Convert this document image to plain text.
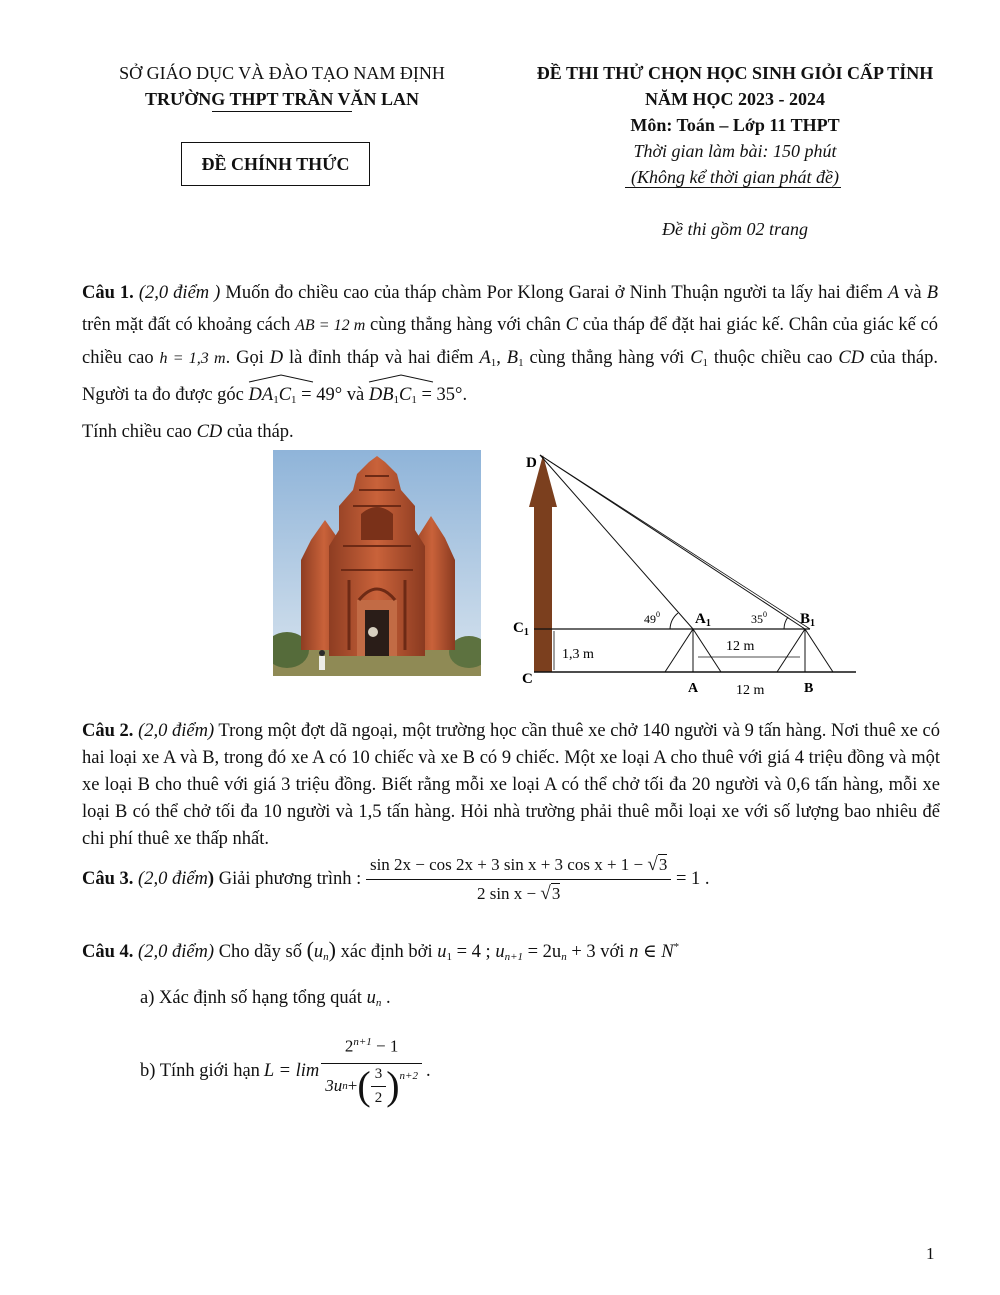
SỞ GIÁO DỤC VÀ ĐÀO TẠO NAM ĐỊNH
TRƯỜNG THPT TRẦN VĂN LAN
ĐỀ CHÍNH THỨC
ĐỀ THI THỬ CHỌN HỌC SINH GIỎI CẤP TỈNH
NĂM HỌC 2023 - 2024
Môn: Toán – Lớp 11 THPT
Thời gian làm bài: 150 phút
(Không kể thời gian phát đề)
Đề thi gồm 02 trang
Câu 1. (2,0 điểm ) Muốn đo chiều cao của tháp chàm Por Klong Garai ở Ninh Thuận người ta lấy hai điểm A và B trên mặt đất có khoảng cách AB = 12 m cùng thẳng hàng với chân C của tháp để đặt hai giác kế. Chân của giác kế có chiều cao h = 1,3 m. Gọi D là đỉnh tháp và hai điểm $A_1$, $B_1$ cùng thẳng hàng với $C_1$ thuộc chiều cao CD của tháp. Người ta đo được góc
$DA_1C_1 = 49^\circ$ và
$DB_1C_1 = 35^\circ$.
Tính chiều cao CD của tháp.
D
$C_1$
C
A	B
$A_1$	$B_1$
$49^0$	$35^0$
1,3 m
12 m
12 m
Câu 2. (2,0 điểm) Trong một đợt dã ngoại, một trường học cần thuê xe chở 140 người và 9 tấn hàng. Nơi thuê xe có hai loại xe A và B, trong đó xe A có 10 chiếc và xe B có 9 chiếc. Một xe loại A cho thuê với giá 4 triệu đồng và một xe loại B cho thuê với giá 3 triệu đồng. Biết rằng mỗi xe loại A có thể chở tối đa 20 người và 0,6 tấn hàng, mỗi xe loại B có thể chở tối đa 10 người và 1,5 tấn hàng. Hỏi nhà trường phải thuê mỗi loại xe với số lượng bao nhiêu để chi phí thuê xe thấp nhất.
Câu 3. (2,0 điểm) Giải phương trình : $\frac{\text{sin 2x − cos 2x + 3 sin x + 3 cos x + 1 − √3}}{\text{2 sin x − √3}} = 1$ .
Câu 4. (2,0 điểm) Cho dãy số $(u_n)$ xác định bởi $u_1 = 4$ ; $u_{n+1} = 2u_n + 3$ với n ∈ N*
a) Xác định số hạng tổng quát $u_n$ .
b) Tính giới hạn L = lim
$2^{n+1} - 1$
3u n + ( $\frac{3}{2} )^{n+2}$ .
1
